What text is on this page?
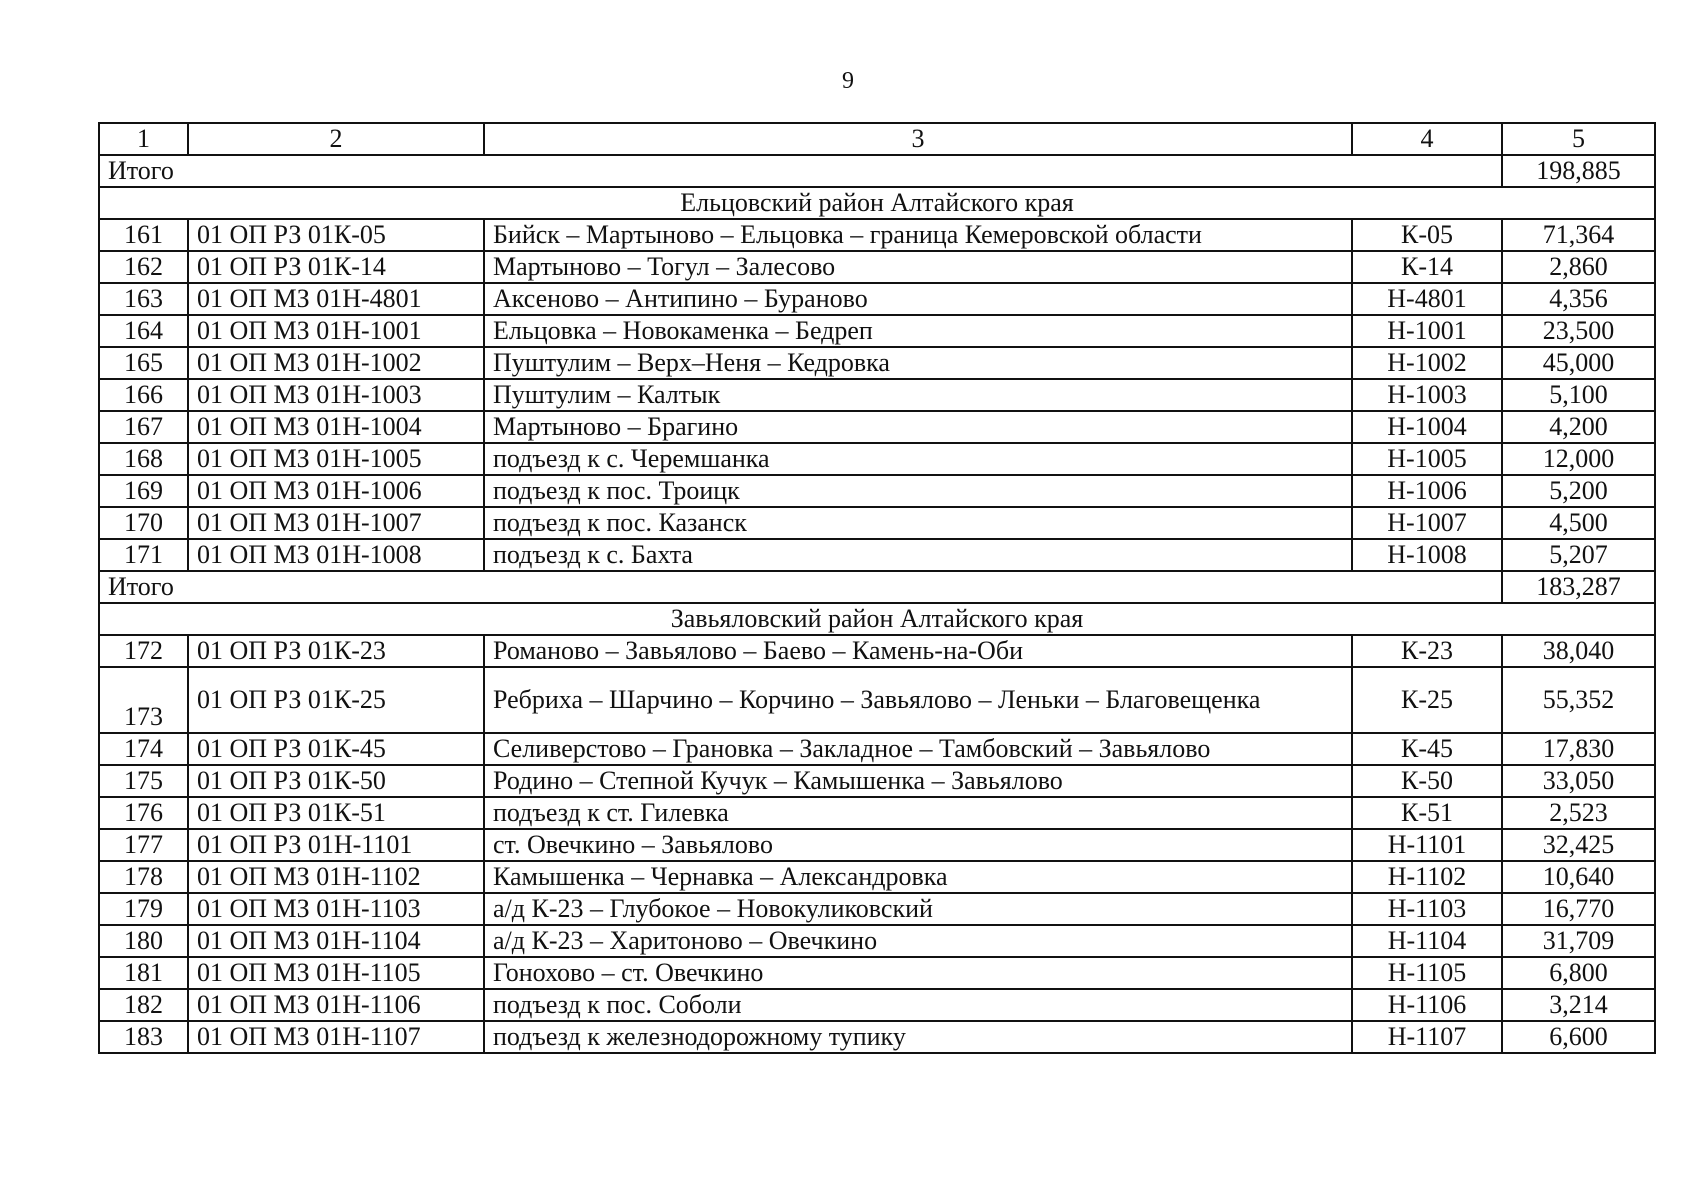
9
1	2	3	4	5
Итого				198,885
Ельцовский район Алтайского края				
161	01 ОП РЗ 01К-05	Бийск – Мартыново – Ельцовка – граница Кемеровской области	К-05	71,364
162	01 ОП РЗ 01К-14	Мартыново – Тогул – Залесово	К-14	2,860
163	01 ОП МЗ 01Н-4801	Аксеново – Антипино – Бураново	Н-4801	4,356
164	01 ОП МЗ 01Н-1001	Ельцовка – Новокаменка – Бедреп	Н-1001	23,500
165	01 ОП МЗ 01Н-1002	Пуштулим – Верх–Неня – Кедровка	Н-1002	45,000
166	01 ОП МЗ 01Н-1003	Пуштулим – Калтык	Н-1003	5,100
167	01 ОП МЗ 01Н-1004	Мартыново – Брагино	Н-1004	4,200
168	01 ОП МЗ 01Н-1005	подъезд к с. Черемшанка	Н-1005	12,000
169	01 ОП МЗ 01Н-1006	подъезд к пос. Троицк	Н-1006	5,200
170	01 ОП МЗ 01Н-1007	подъезд к пос. Казанск	Н-1007	4,500
171	01 ОП МЗ 01Н-1008	подъезд к с. Бахта	Н-1008	5,207
Итого				183,287
Завьяловский район Алтайского края				
172	01 ОП РЗ 01К-23	Романово – Завьялово – Баево – Камень-на-Оби	К-23	38,040
173	01 ОП РЗ 01К-25	Ребриха – Шарчино – Корчино – Завьялово – Леньки – Благовещенка	К-25	55,352
174	01 ОП РЗ 01К-45	Селиверстово – Грановка – Закладное – Тамбовский – Завьялово	К-45	17,830
175	01 ОП РЗ 01К-50	Родино – Степной Кучук – Камышенка – Завьялово	К-50	33,050
176	01 ОП РЗ 01К-51	подъезд к ст. Гилевка	К-51	2,523
177	01 ОП РЗ 01Н-1101	ст. Овечкино – Завьялово	Н-1101	32,425
178	01 ОП МЗ 01Н-1102	Камышенка – Чернавка – Александровка	Н-1102	10,640
179	01 ОП МЗ 01Н-1103	а/д К-23 – Глубокое – Новокуликовский	Н-1103	16,770
180	01 ОП МЗ 01Н-1104	а/д К-23 – Харитоново – Овечкино	Н-1104	31,709
181	01 ОП МЗ 01Н-1105	Гонохово – ст. Овечкино	Н-1105	6,800
182	01 ОП МЗ 01Н-1106	подъезд к пос. Соболи	Н-1106	3,214
183	01 ОП МЗ 01Н-1107	подъезд к железнодорожному тупику	Н-1107	6,600
